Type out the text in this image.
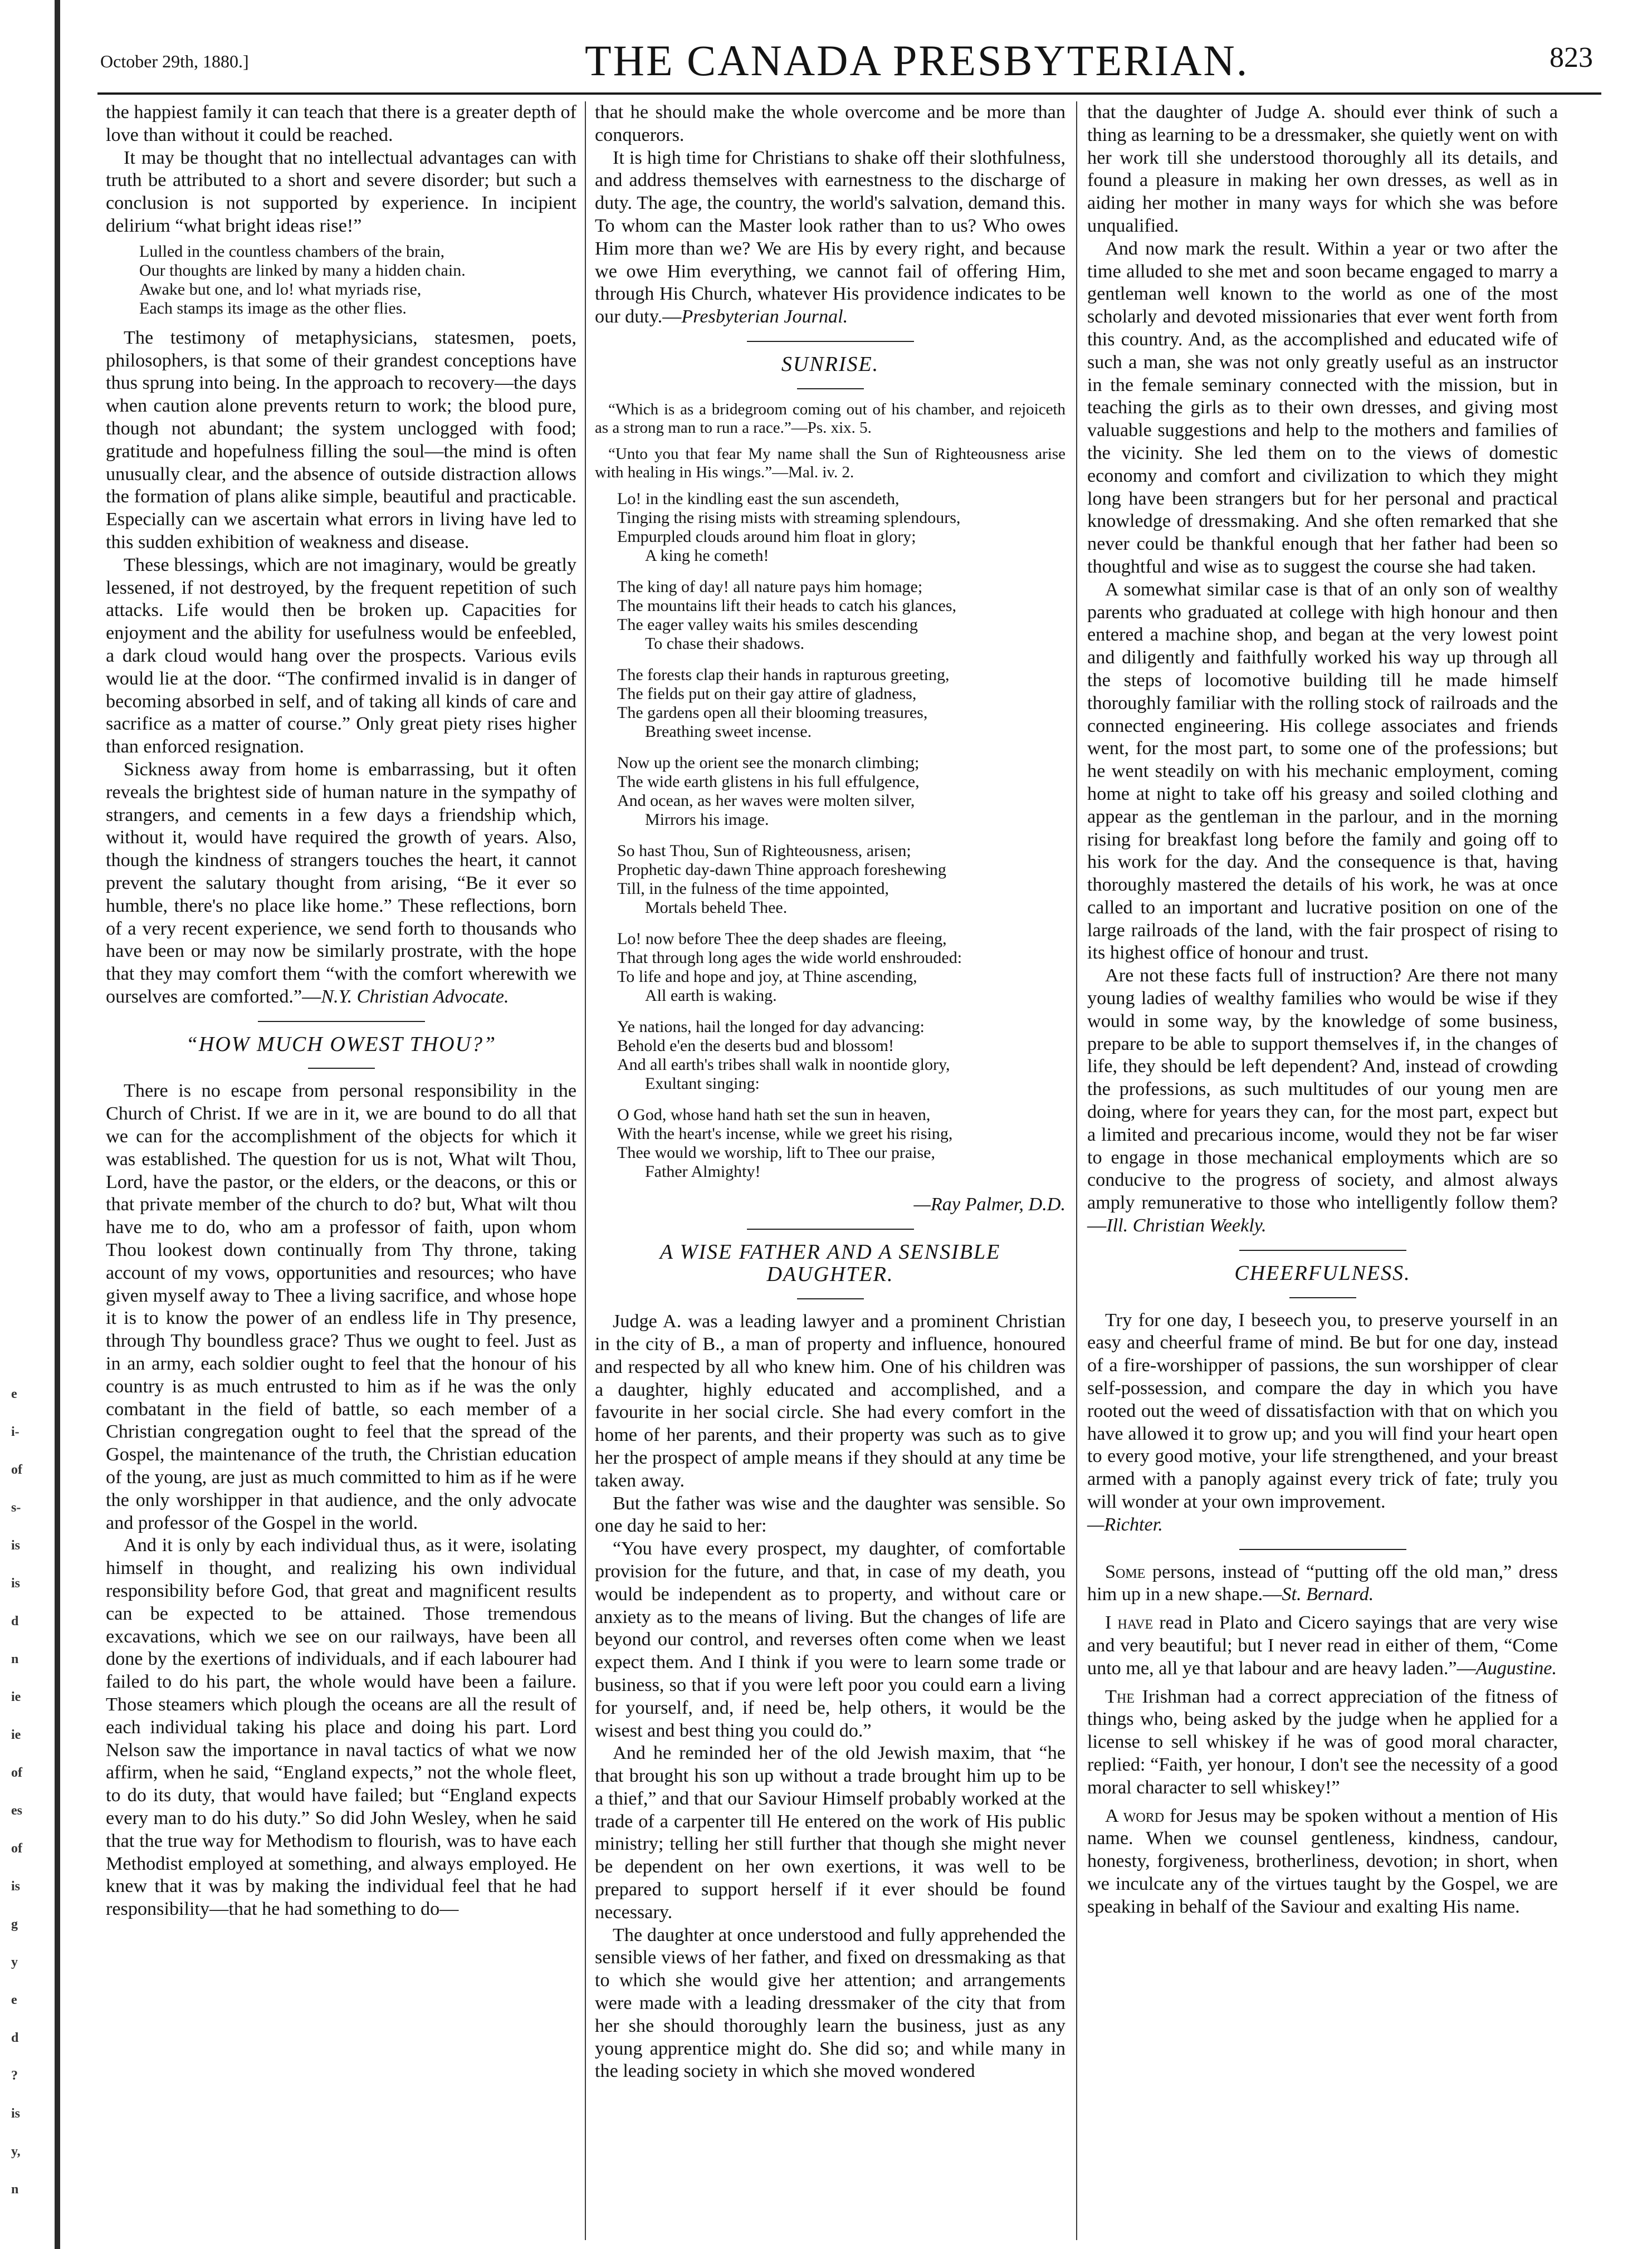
e
i-
of
s-
is
is
d
n
ie
ie
of
es
of
is
g
y
e
d
?
is
y,
n
October 29th, 1880.]	THE CANADA PRESBYTERIAN.	823

the happiest family it can teach that there is a greater depth of love than without it could be reached.

It may be thought that no intellectual advantages can with truth be attributed to a short and severe disorder; but such a conclusion is not supported by experience. In incipient delirium “what bright ideas rise!”

Lulled in the countless chambers of the brain,
Our thoughts are linked by many a hidden chain.
Awake but one, and lo! what myriads rise,
Each stamps its image as the other flies.

The testimony of metaphysicians, statesmen, poets, philosophers, is that some of their grandest conceptions have thus sprung into being. In the approach to recovery—the days when caution alone prevents return to work; the blood pure, though not abundant; the system unclogged with food; gratitude and hopefulness filling the soul—the mind is often unusually clear, and the absence of outside distraction allows the formation of plans alike simple, beautiful and practicable. Especially can we ascertain what errors in living have led to this sudden exhibition of weakness and disease.

These blessings, which are not imaginary, would be greatly lessened, if not destroyed, by the frequent repetition of such attacks. Life would then be broken up. Capacities for enjoyment and the ability for usefulness would be enfeebled, a dark cloud would hang over the prospects. Various evils would lie at the door. “The confirmed invalid is in danger of becoming absorbed in self, and of taking all kinds of care and sacrifice as a matter of course.” Only great piety rises higher than enforced resignation.

Sickness away from home is embarrassing, but it often reveals the brightest side of human nature in the sympathy of strangers, and cements in a few days a friendship which, without it, would have required the growth of years. Also, though the kindness of strangers touches the heart, it cannot prevent the salutary thought from arising, “Be it ever so humble, there's no place like home.” These reflections, born of a very recent experience, we send forth to thousands who have been or may now be similarly prostrate, with the hope that they may comfort them “with the comfort wherewith we ourselves are comforted.”—N.Y. Christian Advocate.

“HOW MUCH OWEST THOU?”

There is no escape from personal responsibility in the Church of Christ. If we are in it, we are bound to do all that we can for the accomplishment of the objects for which it was established. The question for us is not, What wilt Thou, Lord, have the pastor, or the elders, or the deacons, or this or that private member of the church to do? but, What wilt thou have me to do, who am a professor of faith, upon whom Thou lookest down continually from Thy throne, taking account of my vows, opportunities and resources; who have given myself away to Thee a living sacrifice, and whose hope it is to know the power of an endless life in Thy presence, through Thy boundless grace? Thus we ought to feel. Just as in an army, each soldier ought to feel that the honour of his country is as much entrusted to him as if he was the only combatant in the field of battle, so each member of a Christian congregation ought to feel that the spread of the Gospel, the maintenance of the truth, the Christian education of the young, are just as much committed to him as if he were the only worshipper in that audience, and the only advocate and professor of the Gospel in the world.

And it is only by each individual thus, as it were, isolating himself in thought, and realizing his own individual responsibility before God, that great and magnificent results can be expected to be attained. Those tremendous excavations, which we see on our railways, have been all done by the exertions of individuals, and if each labourer had failed to do his part, the whole would have been a failure. Those steamers which plough the oceans are all the result of each individual taking his place and doing his part. Lord Nelson saw the importance in naval tactics of what we now affirm, when he said, “England expects,” not the whole fleet, to do its duty, that would have failed; but “England expects every man to do his duty.” So did John Wesley, when he said that the true way for Methodism to flourish, was to have each Methodist employed at something, and always employed. He knew that it was by making the individual feel that he had responsibility—that he had something to do—

that he should make the whole overcome and be more than conquerors.

It is high time for Christians to shake off their slothfulness, and address themselves with earnestness to the discharge of duty. The age, the country, the world's salvation, demand this. To whom can the Master look rather than to us? Who owes Him more than we? We are His by every right, and because we owe Him everything, we cannot fail of offering Him, through His Church, whatever His providence indicates to be our duty.—Presbyterian Journal.

SUNRISE.
“Which is as a bridegroom coming out of his chamber, and rejoiceth as a strong man to run a race.”—Ps. xix. 5.
“Unto you that fear My name shall the Sun of Righteousness arise with healing in His wings.”—Mal. iv. 2.
Lo! in the kindling east the sun ascendeth,
Tinging the rising mists with streaming splendours,
Empurpled clouds around him float in glory;
A king he cometh!
The king of day! all nature pays him homage;
The mountains lift their heads to catch his glances,
The eager valley waits his smiles descending
To chase their shadows.
The forests clap their hands in rapturous greeting,
The fields put on their gay attire of gladness,
The gardens open all their blooming treasures,
Breathing sweet incense.
Now up the orient see the monarch climbing;
The wide earth glistens in his full effulgence,
And ocean, as her waves were molten silver,
Mirrors his image.
So hast Thou, Sun of Righteousness, arisen;
Prophetic day-dawn Thine approach foreshewing
Till, in the fulness of the time appointed,
Mortals beheld Thee.
Lo! now before Thee the deep shades are fleeing,
That through long ages the wide world enshrouded:
To life and hope and joy, at Thine ascending,
All earth is waking.
Ye nations, hail the longed for day advancing:
Behold e'en the deserts bud and blossom!
And all earth's tribes shall walk in noontide glory,
Exultant singing:
O God, whose hand hath set the sun in heaven,
With the heart's incense, while we greet his rising,
Thee would we worship, lift to Thee our praise,
Father Almighty!
—Ray Palmer, D.D.
A WISE FATHER AND A SENSIBLE DAUGHTER.

Judge A. was a leading lawyer and a prominent Christian in the city of B., a man of property and influence, honoured and respected by all who knew him. One of his children was a daughter, highly educated and accomplished, and a favourite in her social circle. She had every comfort in the home of her parents, and their property was such as to give her the prospect of ample means if they should at any time be taken away.

But the father was wise and the daughter was sensible. So one day he said to her:

“You have every prospect, my daughter, of comfortable provision for the future, and that, in case of my death, you would be independent as to property, and without care or anxiety as to the means of living. But the changes of life are beyond our control, and reverses often come when we least expect them. And I think if you were to learn some trade or business, so that if you were left poor you could earn a living for yourself, and, if need be, help others, it would be the wisest and best thing you could do.”

And he reminded her of the old Jewish maxim, that “he that brought his son up without a trade brought him up to be a thief,” and that our Saviour Himself probably worked at the trade of a carpenter till He entered on the work of His public ministry; telling her still further that though she might never be dependent on her own exertions, it was well to be prepared to support herself if it ever should be found necessary.

The daughter at once understood and fully apprehended the sensible views of her father, and fixed on dressmaking as that to which she would give her attention; and arrangements were made with a leading dressmaker of the city that from her she should thoroughly learn the business, just as any young apprentice might do. She did so; and while many in the leading society in which she moved wondered

that the daughter of Judge A. should ever think of such a thing as learning to be a dressmaker, she quietly went on with her work till she understood thoroughly all its details, and found a pleasure in making her own dresses, as well as in aiding her mother in many ways for which she was before unqualified.

And now mark the result. Within a year or two after the time alluded to she met and soon became engaged to marry a gentleman well known to the world as one of the most scholarly and devoted missionaries that ever went forth from this country. And, as the accomplished and educated wife of such a man, she was not only greatly useful as an instructor in the female seminary connected with the mission, but in teaching the girls as to their own dresses, and giving most valuable suggestions and help to the mothers and families of the vicinity. She led them on to the views of domestic economy and comfort and civilization to which they might long have been strangers but for her personal and practical knowledge of dressmaking. And she often remarked that she never could be thankful enough that her father had been so thoughtful and wise as to suggest the course she had taken.

A somewhat similar case is that of an only son of wealthy parents who graduated at college with high honour and then entered a machine shop, and began at the very lowest point and diligently and faithfully worked his way up through all the steps of locomotive building till he made himself thoroughly familiar with the rolling stock of railroads and the connected engineering. His college associates and friends went, for the most part, to some one of the professions; but he went steadily on with his mechanic employment, coming home at night to take off his greasy and soiled clothing and appear as the gentleman in the parlour, and in the morning rising for breakfast long before the family and going off to his work for the day. And the consequence is that, having thoroughly mastered the details of his work, he was at once called to an important and lucrative position on one of the large railroads of the land, with the fair prospect of rising to its highest office of honour and trust.

Are not these facts full of instruction? Are there not many young ladies of wealthy families who would be wise if they would in some way, by the knowledge of some business, prepare to be able to support themselves if, in the changes of life, they should be left dependent? And, instead of crowding the professions, as such multitudes of our young men are doing, where for years they can, for the most part, expect but a limited and precarious income, would they not be far wiser to engage in those mechanical employments which are so conducive to the progress of society, and almost always amply remunerative to those who intelligently follow them?—Ill. Christian Weekly.

CHEERFULNESS.

Try for one day, I beseech you, to preserve yourself in an easy and cheerful frame of mind. Be but for one day, instead of a fire-worshipper of passions, the sun worshipper of clear self-possession, and compare the day in which you have rooted out the weed of dissatisfaction with that on which you have allowed it to grow up; and you will find your heart open to every good motive, your life strengthened, and your breast armed with a panoply against every trick of fate; truly you will wonder at your own improvement.

—Richter.

Some persons, instead of “putting off the old man,” dress him up in a new shape.—St. Bernard.

I have read in Plato and Cicero sayings that are very wise and very beautiful; but I never read in either of them, “Come unto me, all ye that labour and are heavy laden.”—Augustine.

The Irishman had a correct appreciation of the fitness of things who, being asked by the judge when he applied for a license to sell whiskey if he was of good moral character, replied: “Faith, yer honour, I don't see the necessity of a good moral character to sell whiskey!”

A word for Jesus may be spoken without a mention of His name. When we counsel gentleness, kindness, candour, honesty, forgiveness, brotherliness, devotion; in short, when we inculcate any of the virtues taught by the Gospel, we are speaking in behalf of the Saviour and exalting His name.
